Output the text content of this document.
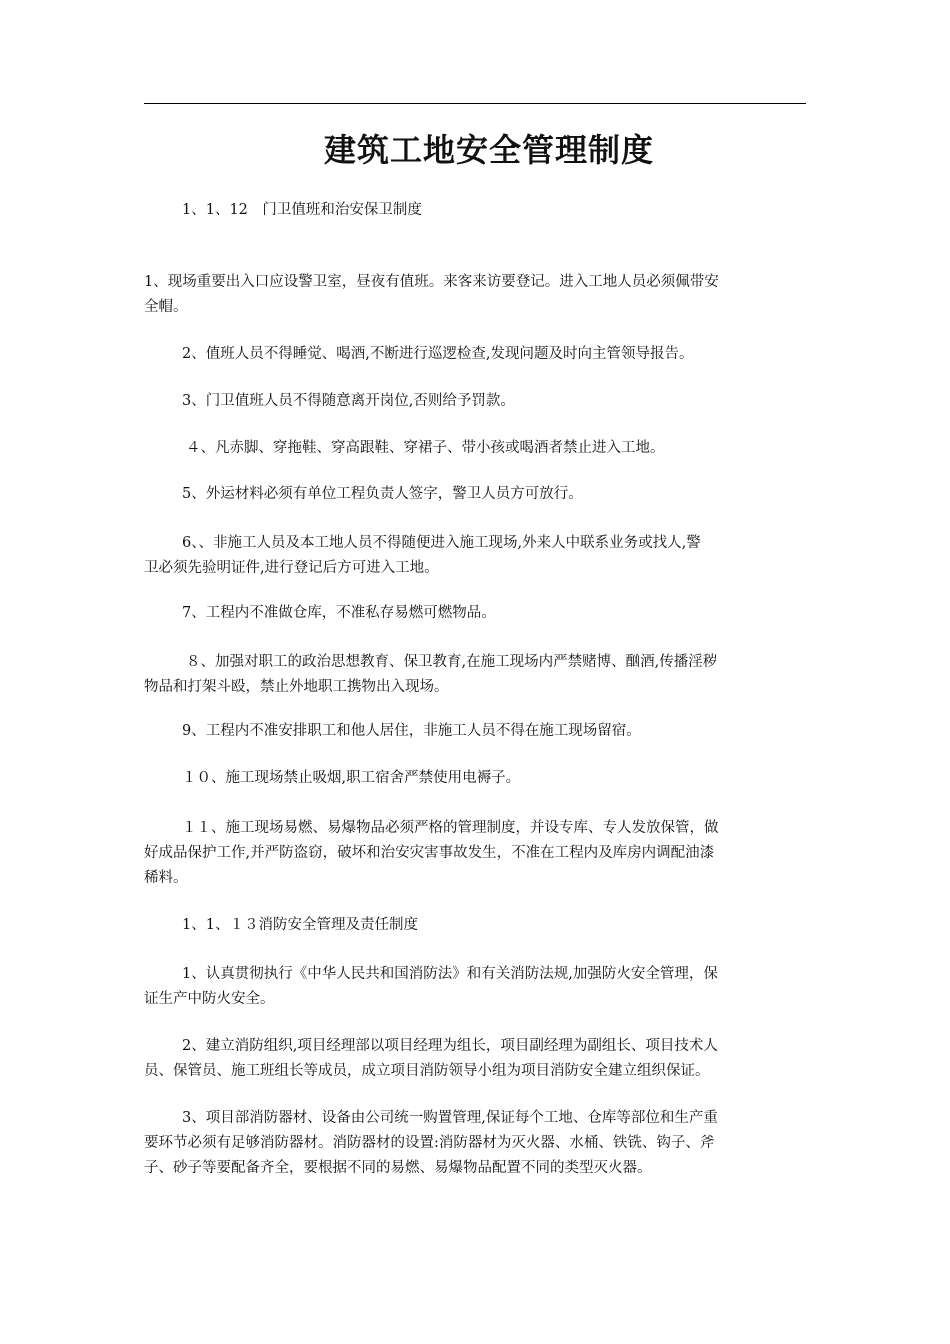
建筑工地安全管理制度
1、1、12　门卫值班和治安保卫制度
1、现场重要出入口应设警卫室，昼夜有值班。来客来访要登记。进入工地人员必须佩带安
全帽。
2、值班人员不得睡觉、喝酒,不断进行巡逻检查,发现问题及时向主管领导报告。
3、门卫值班人员不得随意离开岗位,否则给予罚款。
４、凡赤脚、穿拖鞋、穿高跟鞋、穿裙子、带小孩或喝酒者禁止进入工地。
5、外运材料必须有单位工程负责人签字，警卫人员方可放行。
6、、非施工人员及本工地人员不得随便进入施工现场,外来人中联系业务或找人,警
卫必须先验明证件,进行登记后方可进入工地。
7、工程内不准做仓库，不准私存易燃可燃物品。
８、加强对职工的政治思想教育、保卫教育,在施工现场内严禁赌博、酗酒,传播淫秽
物品和打架斗殴，禁止外地职工携物出入现场。
9、工程内不准安排职工和他人居住，非施工人员不得在施工现场留宿。
１０、施工现场禁止吸烟,职工宿舍严禁使用电褥子。
１１、施工现场易燃、易爆物品必须严格的管理制度，并设专库、专人发放保管，做
好成品保护工作,并严防盗窃，破坏和治安灾害事故发生，不准在工程内及库房内调配油漆
稀料。
1、1、１３消防安全管理及责任制度
1、认真贯彻执行《中华人民共和国消防法》和有关消防法规,加强防火安全管理，保
证生产中防火安全。
2、建立消防组织,项目经理部以项目经理为组长，项目副经理为副组长、项目技术人
员、保管员、施工班组长等成员，成立项目消防领导小组为项目消防安全建立组织保证。
3、项目部消防器材、设备由公司统一购置管理,保证每个工地、仓库等部位和生产重
要环节必须有足够消防器材。消防器材的设置:消防器材为灭火器、水桶、铁铣、钩子、斧
子、砂子等要配备齐全，要根据不同的易燃、易爆物品配置不同的类型灭火器。
